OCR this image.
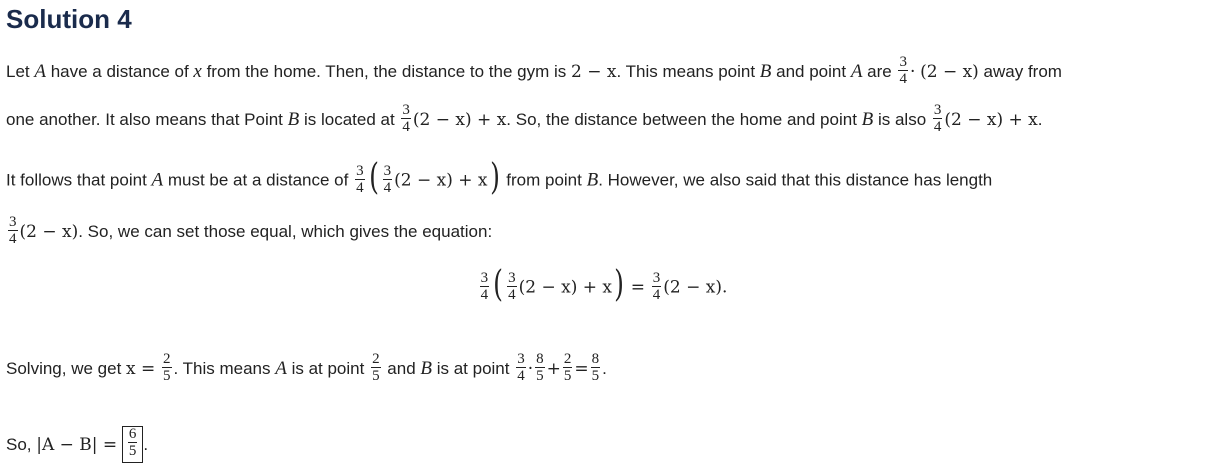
Solution 4
Let A have a distance of x from the home. Then, the distance to the gym is 2 − x. This means point B and point A are $\frac{3}{4} \cdot (2 - x)$ away from
one another. It also means that Point B is located at $\frac{3}{4} (2 - x) + x$. So, the distance between the home and point B is also $\frac{3}{4} (2 - x) + x$.
It follows that point A must be at a distance of $\frac{3}{4}$ ( $\frac{3}{4} (2 - x) + x$) from point B. However, we also said that this distance has length
$\frac{3}{4} (2 - x)$. So, we can set those equal, which gives the equation:
$\frac{3}{4}$ ( $\frac{3}{4} (2 - x) + x) = \frac{3}{4} (2 - x)$.
Solving, we get $x = \frac{2}{5}$ . This means A is at point $\frac{2}{5}$ and B is at point $\frac{3}{4} \cdot \frac{8}{5} + \frac{2}{5} = \frac{8}{5}$ .
So, $|A - B| = \frac{6}{5}$ .
